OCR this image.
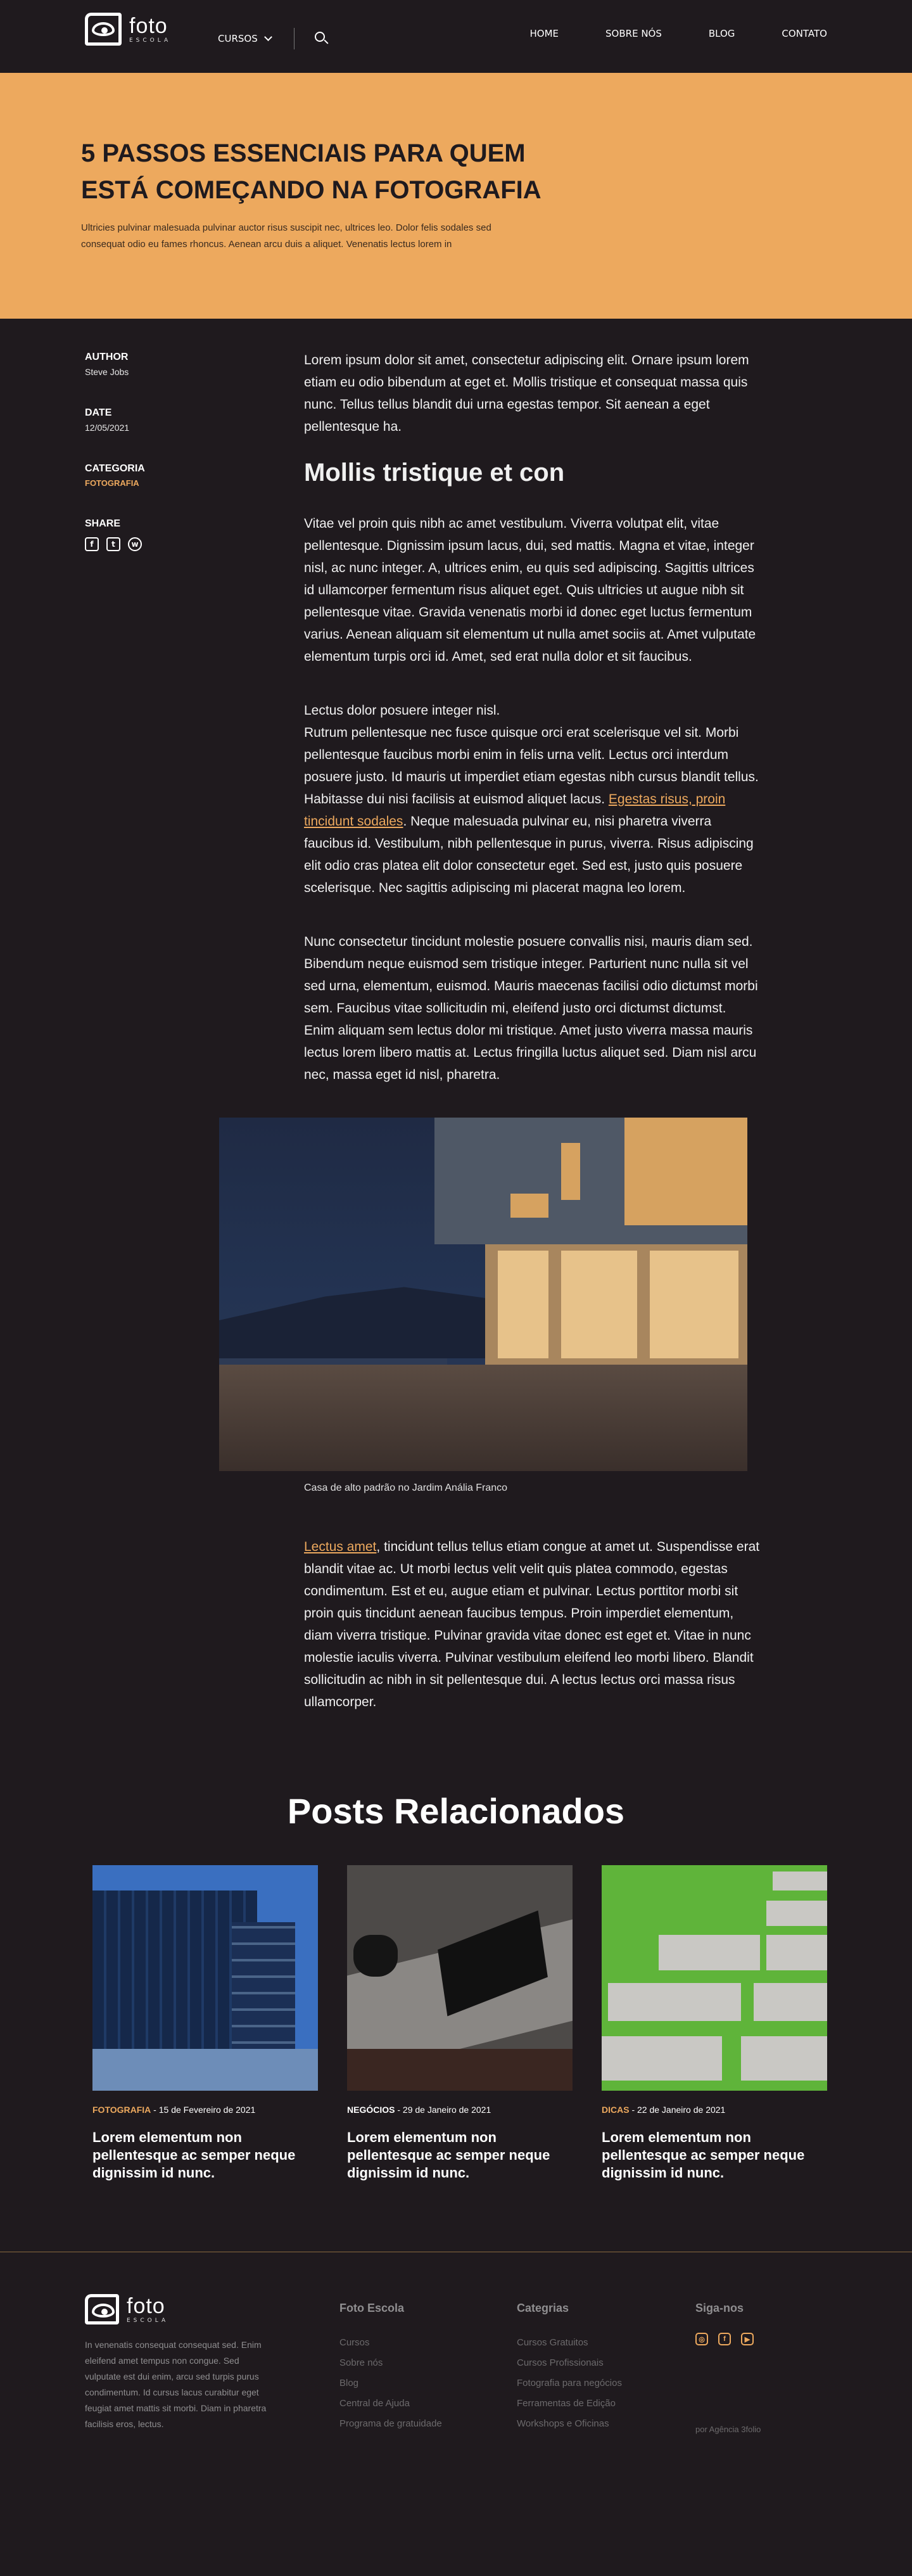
foto
ESCOLA	CURSOS	HOME	SOBRE NÓS	BLOG	CONTATO
5 PASSOS ESSENCIAIS PARA QUEM ESTÁ COMEÇANDO NA FOTOGRAFIA

Ultricies pulvinar malesuada pulvinar auctor risus suscipit nec, ultrices leo. Dolor felis sodales sed consequat odio eu fames rhoncus. Aenean arcu duis a aliquet. Venenatis lectus lorem in

AUTHOR
Steve Jobs
DATE
12/05/2021
CATEGORIA
FOTOGRAFIA
SHARE
f	t	w

Lorem ipsum dolor sit amet, consectetur adipiscing elit. Ornare ipsum lorem etiam eu odio bibendum at eget et. Mollis tristique et consequat massa quis nunc. Tellus tellus blandit dui urna egestas tempor. Sit aenean a eget pellentesque ha.

Mollis tristique et con

Vitae vel proin quis nibh ac amet vestibulum. Viverra volutpat elit, vitae pellentesque. Dignissim ipsum lacus, dui, sed mattis. Magna et vitae, integer nisl, ac nunc integer. A, ultrices enim, eu quis sed adipiscing. Sagittis ultrices id ullamcorper fermentum risus aliquet eget. Quis ultricies ut augue nibh sit pellentesque vitae. Gravida venenatis morbi id donec eget luctus fermentum varius. Aenean aliquam sit elementum ut nulla amet sociis at. Amet vulputate elementum turpis orci id. Amet, sed erat nulla dolor et sit faucibus.

Lectus dolor posuere integer nisl.

Rutrum pellentesque nec fusce quisque orci erat scelerisque vel sit. Morbi pellentesque faucibus morbi enim in felis urna velit. Lectus orci interdum posuere justo. Id mauris ut imperdiet etiam egestas nibh cursus blandit tellus. Habitasse dui nisi facilisis at euismod aliquet lacus. Egestas risus, proin tincidunt sodales. Neque malesuada pulvinar eu, nisi pharetra viverra faucibus id. Vestibulum, nibh pellentesque in purus, viverra. Risus adipiscing elit odio cras platea elit dolor consectetur eget. Sed est, justo quis posuere scelerisque. Nec sagittis adipiscing mi placerat magna leo lorem.

Nunc consectetur tincidunt molestie posuere convallis nisi, mauris diam sed. Bibendum neque euismod sem tristique integer. Parturient nunc nulla sit vel sed urna, elementum, euismod. Mauris maecenas facilisi odio dictumst morbi sem. Faucibus vitae sollicitudin mi, eleifend justo orci dictumst dictumst. Enim aliquam sem lectus dolor mi tristique. Amet justo viverra massa mauris lectus lorem libero mattis at. Lectus fringilla luctus aliquet sed. Diam nisl arcu nec, massa eget id nisl, pharetra.

Casa de alto padrão no Jardim Anália Franco

Lectus amet, tincidunt tellus tellus etiam congue at amet ut. Suspendisse erat blandit vitae ac. Ut morbi lectus velit velit quis platea commodo, egestas condimentum. Est et eu, augue etiam et pulvinar. Lectus porttitor morbi sit proin quis tincidunt aenean faucibus tempus. Proin imperdiet elementum, diam viverra tristique. Pulvinar gravida vitae donec est eget et. Vitae in nunc molestie iaculis viverra. Pulvinar vestibulum eleifend leo morbi libero. Blandit sollicitudin ac nibh in sit pellentesque dui. A lectus lectus orci massa risus ullamcorper.

Posts Relacionados
FOTOGRAFIA - 15 de Fevereiro de 2021
Lorem elementum non pellentesque ac semper neque dignissim id nunc.
NEGÓCIOS - 29 de Janeiro de 2021
Lorem elementum non pellentesque ac semper neque dignissim id nunc.
DICAS - 22 de Janeiro de 2021
Lorem elementum non pellentesque ac semper neque dignissim id nunc.
foto
ESCOLA

In venenatis consequat consequat sed. Enim eleifend amet tempus non congue. Sed vulputate est dui enim, arcu sed turpis purus condimentum. Id cursus lacus curabitur eget feugiat amet mattis sit morbi. Diam in pharetra facilisis eros, lectus.

Foto Escola
Cursos
Sobre nós
Blog
Central de Ajuda
Programa de gratuidade
Categrias
Cursos Gratuitos
Cursos Profissionais
Fotografia para negócios
Ferramentas de Edição
Workshops e Oficinas
Siga-nos
◎	f	▶
por Agência 3folio
